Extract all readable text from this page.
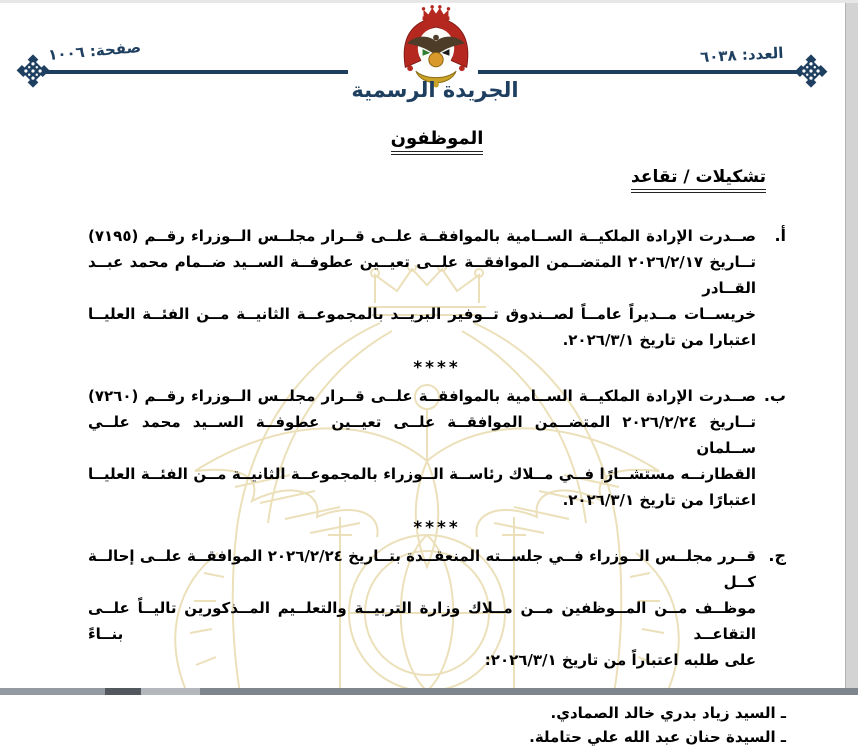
صفحة: ١٠٠٦	العدد: ٦٠٣٨
الجريدة الرسمية
الموظفون
تشكيلات / تقاعد
أ.
صــدرت الإرادة الملكيــة الســامية بالموافقــة علــى قــرار مجلــس الــوزراء رقــم (٧١٩٥)
تــاريخ ٢٠٢٦/٢/١٧ المتضــمن الموافقــة علــى تعيــين عطوفــة الســيد ضــمام محمد عبــد القــادر
خريســات مــديراً عامــاً لصــندوق تــوفير البريــد بالمجموعــة الثانيــة مــن الفئــة العليــا
اعتبارا من تاريخ ٢٠٢٦/٣/١.
****
ب.
صــدرت الإرادة الملكيــة الســامية بالموافقــة علــى قــرار مجلــس الــوزراء رقــم (٧٢٦٠)
تــاريخ ٢٠٢٦/٢/٢٤ المتضــمن الموافقــة علــى تعيــين عطوفــة الســيد محمد علــي ســلمان
القطارنــه مستشــارًا فــي مــلاك رئاســة الــوزراء بالمجموعــة الثانيــة مــن الفئــة العليــا
اعتبارًا من تاريخ ٢٠٢٦/٣/١.
****
ج.
قــرر مجلــس الــوزراء فــي جلســته المنعقــدة بتــاريخ ٢٠٢٦/٢/٢٤ الموافقــة علــى إحالــة كــل
موظــف مــن المــوظفين مــن مــلاك وزارة التربيــة والتعلــيم المــذكورين تاليــاً علــى التقاعــد بنــاءً
على طلبه اعتباراً من تاريخ ٢٠٢٦/٣/١:
ـ السيد زياد بدري خالد الصمادي.
ـ السيدة حنان عبد الله علي حتاملة.
